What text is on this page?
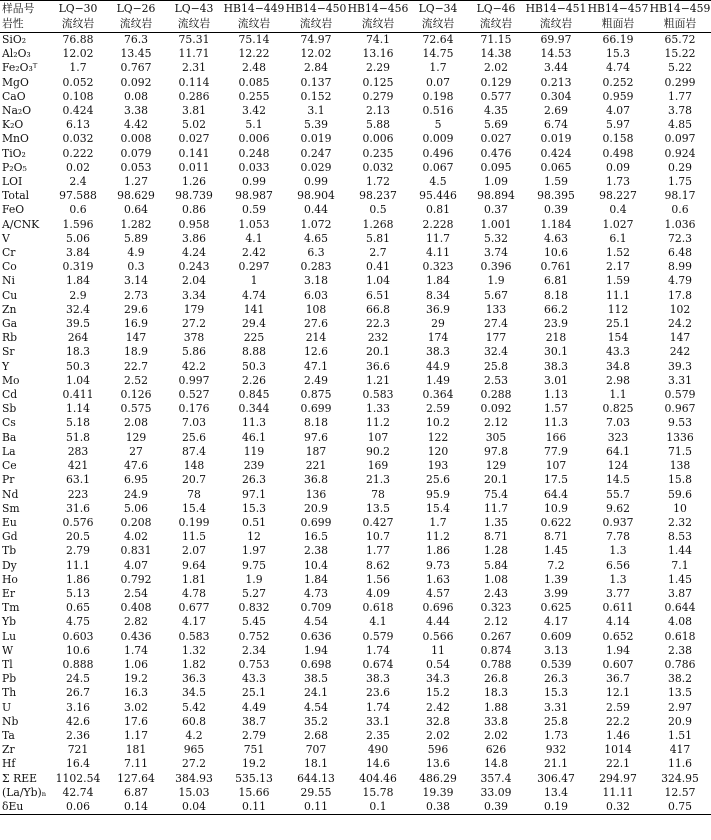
样品号	LQ−30	LQ−26	LQ−43	HB14−449	HB14−450	HB14−456	LQ−34	LQ−46	HB14−451	HB14−457	HB14−459
岩性	流纹岩	流纹岩	流纹岩	流纹岩	流纹岩	流纹岩	流纹岩	流纹岩	流纹岩	粗面岩	粗面岩
SiO₂	76.88	76.3	75.31	75.14	74.97	74.1	72.64	71.15	69.97	66.19	65.72
Al₂O₃	12.02	13.45	11.71	12.22	12.02	13.16	14.75	14.38	14.53	15.3	15.22
Fe₂O₃ᵀ	1.7	0.767	2.31	2.48	2.84	2.29	1.7	2.02	3.44	4.74	5.22
MgO	0.052	0.092	0.114	0.085	0.137	0.125	0.07	0.129	0.213	0.252	0.299
CaO	0.108	0.08	0.286	0.255	0.152	0.279	0.198	0.577	0.304	0.959	1.77
Na₂O	0.424	3.38	3.81	3.42	3.1	2.13	0.516	4.35	2.69	4.07	3.78
K₂O	6.13	4.42	5.02	5.1	5.39	5.88	5	5.69	6.74	5.97	4.85
MnO	0.032	0.008	0.027	0.006	0.019	0.006	0.009	0.027	0.019	0.158	0.097
TiO₂	0.222	0.079	0.141	0.248	0.247	0.235	0.496	0.476	0.424	0.498	0.924
P₂O₅	0.02	0.053	0.011	0.033	0.029	0.032	0.067	0.095	0.065	0.09	0.29
LOI	2.4	1.27	1.26	0.99	0.99	1.72	4.5	1.09	1.59	1.73	1.75
Total	97.588	98.629	98.739	98.987	98.904	98.237	95.446	98.894	98.395	98.227	98.17
FeO	0.6	0.64	0.86	0.59	0.44	0.5	0.81	0.37	0.39	0.4	0.6
A/CNK	1.596	1.282	0.958	1.053	1.072	1.268	2.228	1.001	1.184	1.027	1.036
V	5.06	5.89	3.86	4.1	4.65	5.81	11.7	5.32	4.63	6.1	72.3
Cr	3.84	4.9	4.24	2.42	6.3	2.7	4.11	3.74	10.6	1.52	6.48
Co	0.319	0.3	0.243	0.297	0.283	0.41	0.323	0.396	0.761	2.17	8.99
Ni	1.84	3.14	2.04	1	3.18	1.04	1.84	1.9	6.81	1.59	4.79
Cu	2.9	2.73	3.34	4.74	6.03	6.51	8.34	5.67	8.18	11.1	17.8
Zn	32.4	29.6	179	141	108	66.8	36.9	133	66.2	112	102
Ga	39.5	16.9	27.2	29.4	27.6	22.3	29	27.4	23.9	25.1	24.2
Rb	264	147	378	225	214	232	174	177	218	154	147
Sr	18.3	18.9	5.86	8.88	12.6	20.1	38.3	32.4	30.1	43.3	242
Y	50.3	22.7	42.2	50.3	47.1	36.6	44.9	25.8	38.3	34.8	39.3
Mo	1.04	2.52	0.997	2.26	2.49	1.21	1.49	2.53	3.01	2.98	3.31
Cd	0.411	0.126	0.527	0.845	0.875	0.583	0.364	0.288	1.13	1.1	0.579
Sb	1.14	0.575	0.176	0.344	0.699	1.33	2.59	0.092	1.57	0.825	0.967
Cs	5.18	2.08	7.03	11.3	8.18	11.2	10.2	2.12	11.3	7.03	9.53
Ba	51.8	129	25.6	46.1	97.6	107	122	305	166	323	1336
La	283	27	87.4	119	187	90.2	120	97.8	77.9	64.1	71.5
Ce	421	47.6	148	239	221	169	193	129	107	124	138
Pr	63.1	6.95	20.7	26.3	36.8	21.3	25.6	20.1	17.5	14.5	15.8
Nd	223	24.9	78	97.1	136	78	95.9	75.4	64.4	55.7	59.6
Sm	31.6	5.06	15.4	15.3	20.9	13.5	15.4	11.7	10.9	9.62	10
Eu	0.576	0.208	0.199	0.51	0.699	0.427	1.7	1.35	0.622	0.937	2.32
Gd	20.5	4.02	11.5	12	16.5	10.7	11.2	8.71	8.71	7.78	8.53
Tb	2.79	0.831	2.07	1.97	2.38	1.77	1.86	1.28	1.45	1.3	1.44
Dy	11.1	4.07	9.64	9.75	10.4	8.62	9.73	5.84	7.2	6.56	7.1
Ho	1.86	0.792	1.81	1.9	1.84	1.56	1.63	1.08	1.39	1.3	1.45
Er	5.13	2.54	4.78	5.27	4.73	4.09	4.57	2.43	3.99	3.77	3.87
Tm	0.65	0.408	0.677	0.832	0.709	0.618	0.696	0.323	0.625	0.611	0.644
Yb	4.75	2.82	4.17	5.45	4.54	4.1	4.44	2.12	4.17	4.14	4.08
Lu	0.603	0.436	0.583	0.752	0.636	0.579	0.566	0.267	0.609	0.652	0.618
W	10.6	1.74	1.32	2.34	1.94	1.74	11	0.874	3.13	1.94	2.38
Tl	0.888	1.06	1.82	0.753	0.698	0.674	0.54	0.788	0.539	0.607	0.786
Pb	24.5	19.2	36.3	43.3	38.5	38.3	34.3	26.8	26.3	36.7	38.2
Th	26.7	16.3	34.5	25.1	24.1	23.6	15.2	18.3	15.3	12.1	13.5
U	3.16	3.02	5.42	4.49	4.54	1.74	2.42	1.88	3.31	2.59	2.97
Nb	42.6	17.6	60.8	38.7	35.2	33.1	32.8	33.8	25.8	22.2	20.9
Ta	2.36	1.17	4.2	2.79	2.68	2.35	2.02	2.02	1.73	1.46	1.51
Zr	721	181	965	751	707	490	596	626	932	1014	417
Hf	16.4	7.11	27.2	19.2	18.1	14.6	13.6	14.8	21.1	22.1	11.6
Σ REE	1102.54	127.64	384.93	535.13	644.13	404.46	486.29	357.4	306.47	294.97	324.95
(La/Yb)ₙ	42.74	6.87	15.03	15.66	29.55	15.78	19.39	33.09	13.4	11.11	12.57
δEu	0.06	0.14	0.04	0.11	0.11	0.1	0.38	0.39	0.19	0.32	0.75
